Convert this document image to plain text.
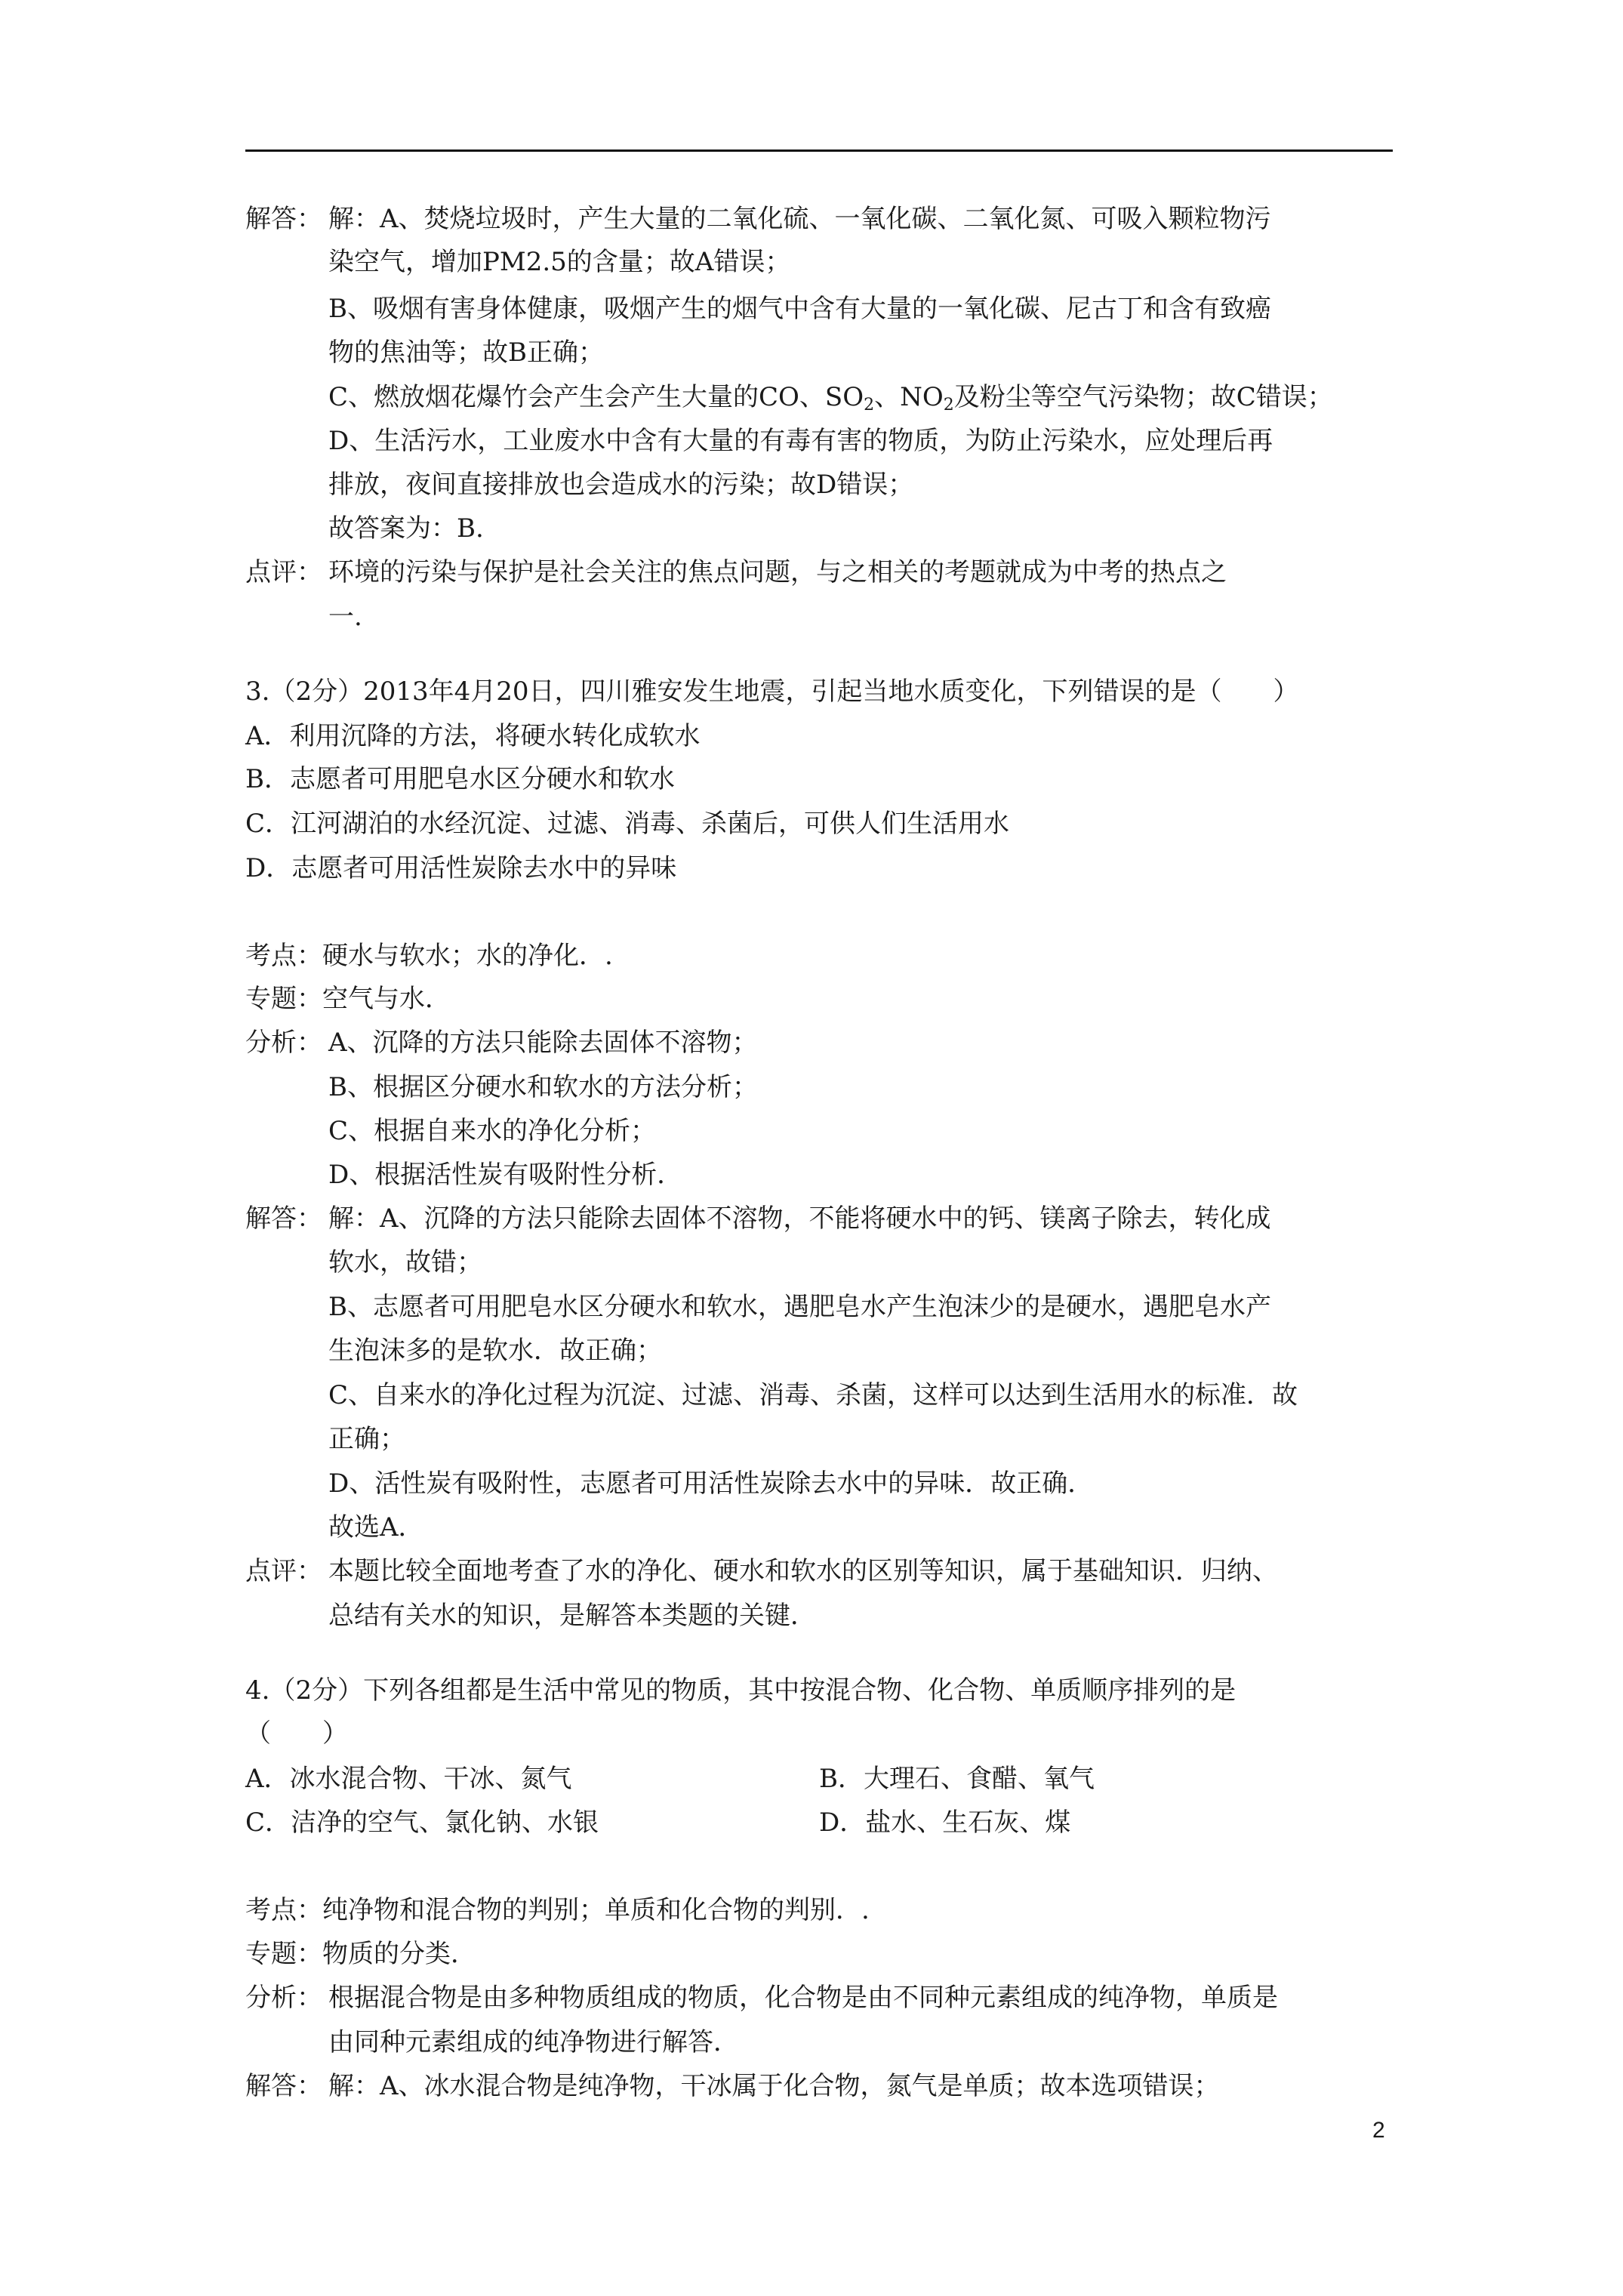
解答： 解：A、焚烧垃圾时，产生大量的二氧化硫、一氧化碳、二氧化氮、可吸入颗粒物污
染空气，增加PM2.5的含量；故A错误；
B、吸烟有害身体健康，吸烟产生的烟气中含有大量的一氧化碳、尼古丁和含有致癌
物的焦油等；故B正确；
C、燃放烟花爆竹会产生会产生大量的CO、$SO_2$、$NO_2$及粉尘等空气污染物；故C错误；
D、生活污水，工业废水中含有大量的有毒有害的物质，为防止污染水，应处理后再
排放，夜间直接排放也会造成水的污染；故D错误；
故答案为：B.
点评： 环境的污染与保护是社会关注的焦点问题，与之相关的考题就成为中考的热点之
一.
3.（2分）2013年4月20日，四川雅安发生地震，引起当地水质变化，下列错误的是（　　）
A．利用沉降的方法，将硬水转化成软水
B．志愿者可用肥皂水区分硬水和软水
C．江河湖泊的水经沉淀、过滤、消毒、杀菌后，可供人们生活用水
D．志愿者可用活性炭除去水中的异味
考点：硬水与软水；水的净化．.
专题：空气与水．
分析： A、沉降的方法只能除去固体不溶物；
B、根据区分硬水和软水的方法分析；
C、根据自来水的净化分析；
D、根据活性炭有吸附性分析．
解答： 解：A、沉降的方法只能除去固体不溶物，不能将硬水中的钙、镁离子除去，转化成
软水，故错；
B、志愿者可用肥皂水区分硬水和软水，遇肥皂水产生泡沫少的是硬水，遇肥皂水产
生泡沫多的是软水．故正确；
C、自来水的净化过程为沉淀、过滤、消毒、杀菌，这样可以达到生活用水的标准．故
正确；
D、活性炭有吸附性，志愿者可用活性炭除去水中的异味．故正确．
故选A．
点评： 本题比较全面地考查了水的净化、硬水和软水的区别等知识，属于基础知识．归纳、
总结有关水的知识，是解答本类题的关键．
4.（2分）下列各组都是生活中常见的物质，其中按混合物、化合物、单质顺序排列的是
（　　）
A．冰水混合物、干冰、氮气	B．大理石、食醋、氧气
C．洁净的空气、氯化钠、水银	D．盐水、生石灰、煤
考点：纯净物和混合物的判别；单质和化合物的判别．.
专题：物质的分类．
分析： 根据混合物是由多种物质组成的物质，化合物是由不同种元素组成的纯净物，单质是
由同种元素组成的纯净物进行解答．
解答： 解：A、冰水混合物是纯净物，干冰属于化合物，氮气是单质；故本选项错误；
2
